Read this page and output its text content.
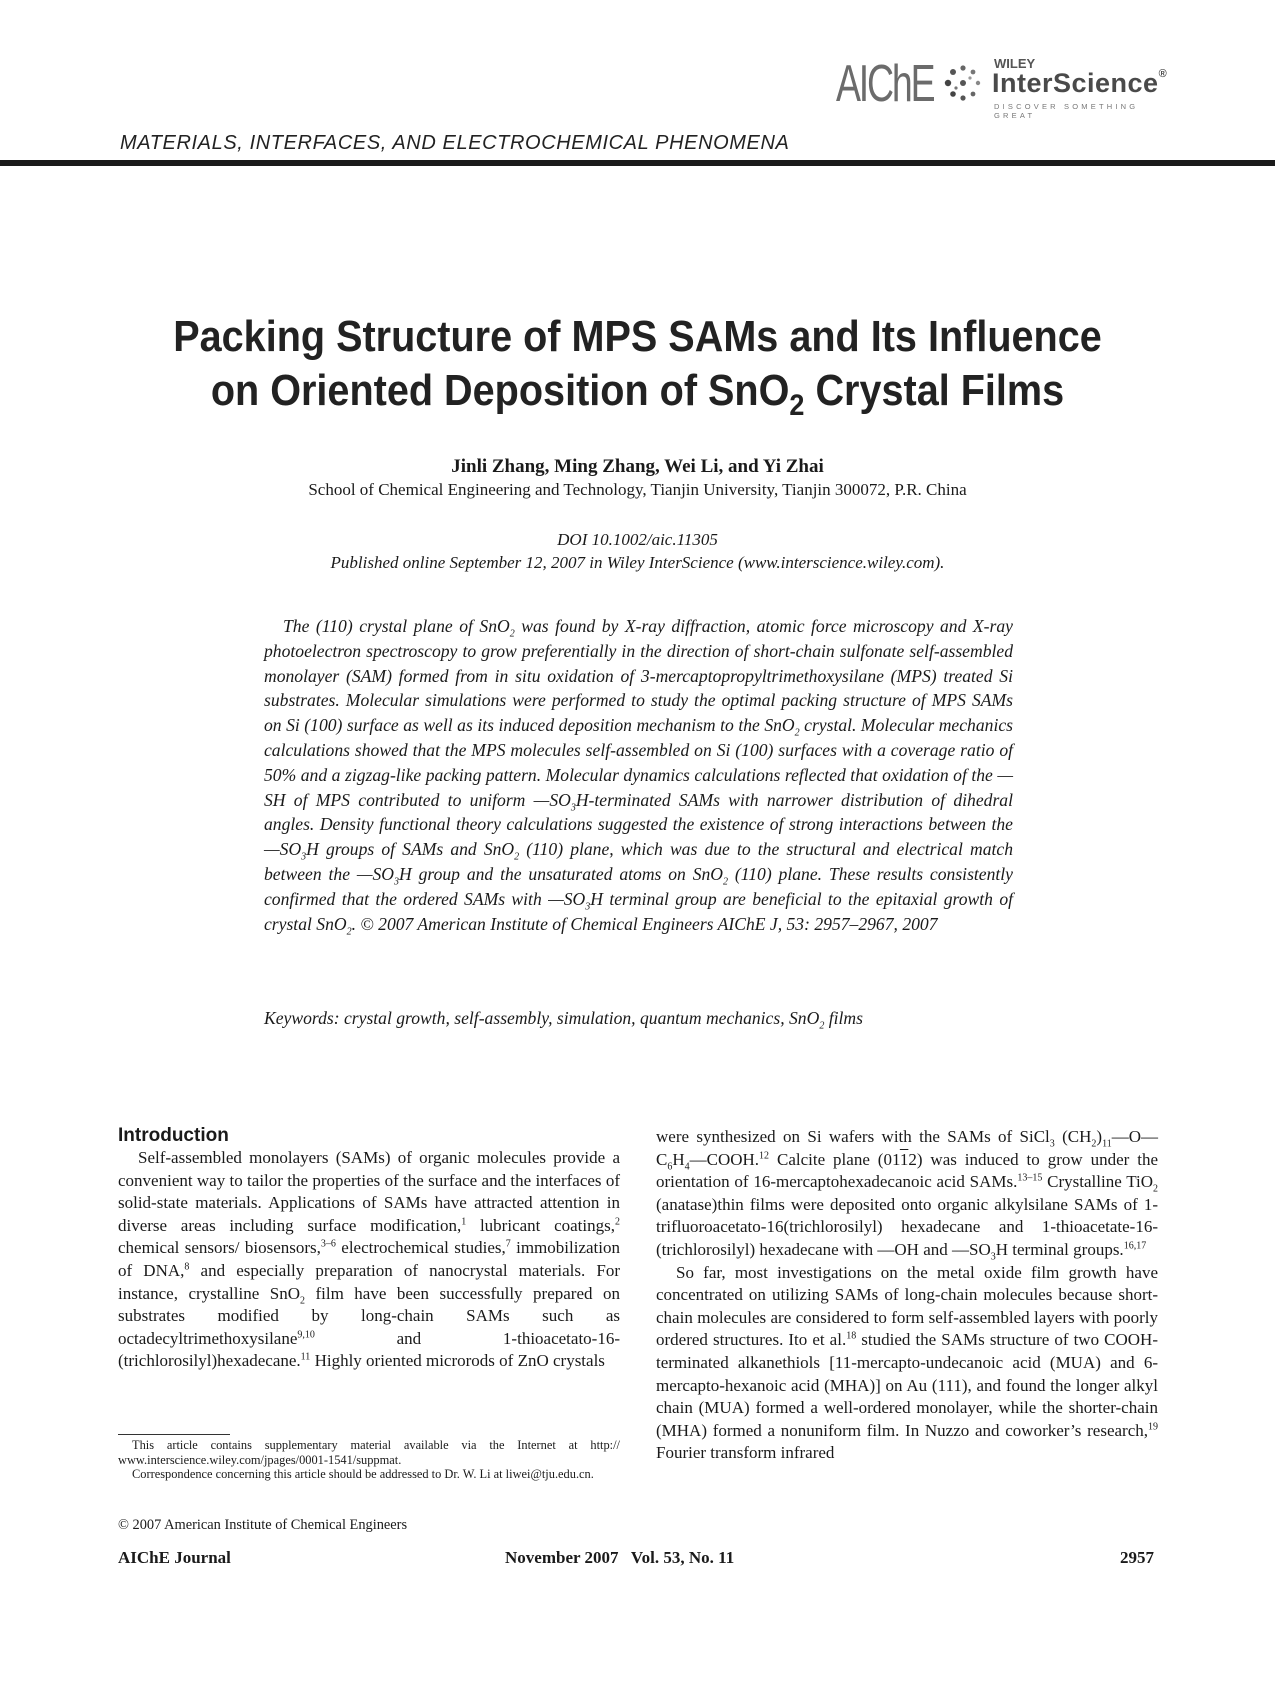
AIChE	WILEY
InterScience®
DISCOVER SOMETHING GREAT
MATERIALS, INTERFACES, AND ELECTROCHEMICAL PHENOMENA
Packing Structure of MPS SAMs and Its Influence
on Oriented Deposition of SnO$_2$ Crystal Films
Jinli Zhang, Ming Zhang, Wei Li, and Yi Zhai
School of Chemical Engineering and Technology, Tianjin University, Tianjin 300072, P.R. China
DOI 10.1002/aic.11305
Published online September 12, 2007 in Wiley InterScience (www.interscience.wiley.com).
The (110) crystal plane of SnO$_2$ was found by X-ray diffraction, atomic force microscopy and X-ray photoelectron spectroscopy to grow preferentially in the direction of short-chain sulfonate self-assembled monolayer (SAM) formed from in situ oxidation of 3-mercaptopropyltrimethoxysilane (MPS) treated Si substrates. Molecular simulations were performed to study the optimal packing structure of MPS SAMs on Si (100) surface as well as its induced deposition mechanism to the SnO$_2$ crystal. Molecular mechanics calculations showed that the MPS molecules self-assembled on Si (100) surfaces with a coverage ratio of 50% and a zigzag-like packing pattern. Molecular dynamics calculations reflected that oxidation of the —SH of MPS contributed to uniform $—SO_3H$-terminated SAMs with narrower distribution of dihedral angles. Density functional theory calculations suggested the existence of strong interactions between the $—SO_3H$ groups of SAMs and SnO$_2$ (110) plane, which was due to the structural and electrical match between the $—SO_3H$ group and the unsaturated atoms on SnO$_2$ (110) plane. These results consistently confirmed that the ordered SAMs with $—SO_3H$ terminal group are beneficial to the epitaxial growth of crystal SnO$_2$. © 2007 American Institute of Chemical Engineers AIChE J, 53: 2957–2967, 2007
Keywords: crystal growth, self-assembly, simulation, quantum mechanics, SnO$_2$ films
Introduction

Self-assembled monolayers (SAMs) of organic molecules provide a convenient way to tailor the properties of the surface and the interfaces of solid-state materials. Applications of SAMs have attracted attention in diverse areas including surface modification,$^1$ lubricant coatings,$^2$ chemical sensors/ biosensors,$^{3-6}$ electrochemical studies,$^7$ immobilization of DNA,$^8$ and especially preparation of nanocrystal materials. For instance, crystalline SnO$_2$ film have been successfully prepared on substrates modified by long-chain SAMs such as octadecyltrimethoxysilane$^{9,10}$ and 1-thioacetato-16-(trichlorosilyl)hexadecane.$^{11}$ Highly oriented microrods of ZnO crystals

This article contains supplementary material available via the Internet at http:// www.interscience.wiley.com/jpages/0001-1541/suppmat.

Correspondence concerning this article should be addressed to Dr. W. Li at liwei@tju.edu.cn.

© 2007 American Institute of Chemical Engineers

were synthesized on Si wafers with the SAMs of SiCl$_3$ $(CH_2)_{11}—O—C_6H_4—COOH.^{12}$ Calcite plane (0112) was induced to grow under the orientation of 16-mercaptohexadecanoic acid SAMs.$^{13-15}$ Crystalline TiO$_2$ (anatase)thin films were deposited onto organic alkylsilane SAMs of 1-trifluoroacetato-16(trichlorosilyl) hexadecane and 1-thioacetate-16-(trichlorosilyl) hexadecane with —OH and $—SO_3H$ terminal groups.$^{16,17}$

So far, most investigations on the metal oxide film growth have concentrated on utilizing SAMs of long-chain molecules because short-chain molecules are considered to form self-assembled layers with poorly ordered structures. Ito et al.$^{18}$ studied the SAMs structure of two COOH-terminated alkanethiols [11-mercapto-undecanoic acid (MUA) and 6-mercapto-hexanoic acid (MHA)] on Au (111), and found the longer alkyl chain (MUA) formed a well-ordered monolayer, while the shorter-chain (MHA) formed a nonuniform film. In Nuzzo and coworker’s research,$^{19}$ Fourier transform infrared

AIChE Journal	November 2007   Vol. 53, No. 11	2957
